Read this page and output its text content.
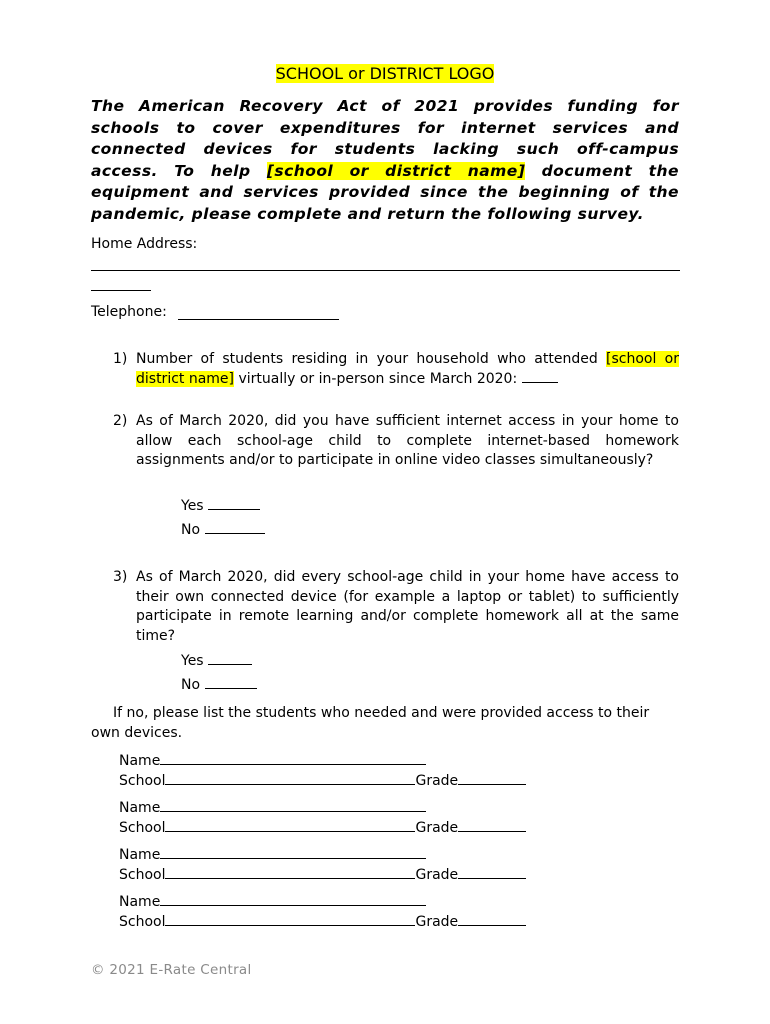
SCHOOL or DISTRICT LOGO
The American Recovery Act of 2021 provides funding for schools to cover expenditures for internet services and connected devices for students lacking such off-campus access. To help [school or district name] document the equipment and services provided since the beginning of the pandemic, please complete and return the following survey.
Home Address:
Telephone:
1) Number of students residing in your household who attended [school or district name] virtually or in-person since March 2020:
2) As of March 2020, did you have sufficient internet access in your home to allow each school-age child to complete internet-based homework assignments and/or to participate in online video classes simultaneously?
Yes
No
3) As of March 2020, did every school-age child in your home have access to their own connected device (for example a laptop or tablet) to sufficiently participate in remote learning and/or complete homework all at the same time?
Yes
No
If no, please list the students who needed and were provided access to their own devices.
Name
School	Grade
Name
School	Grade
Name
School	Grade
Name
School	Grade
© 2021 E-Rate Central
